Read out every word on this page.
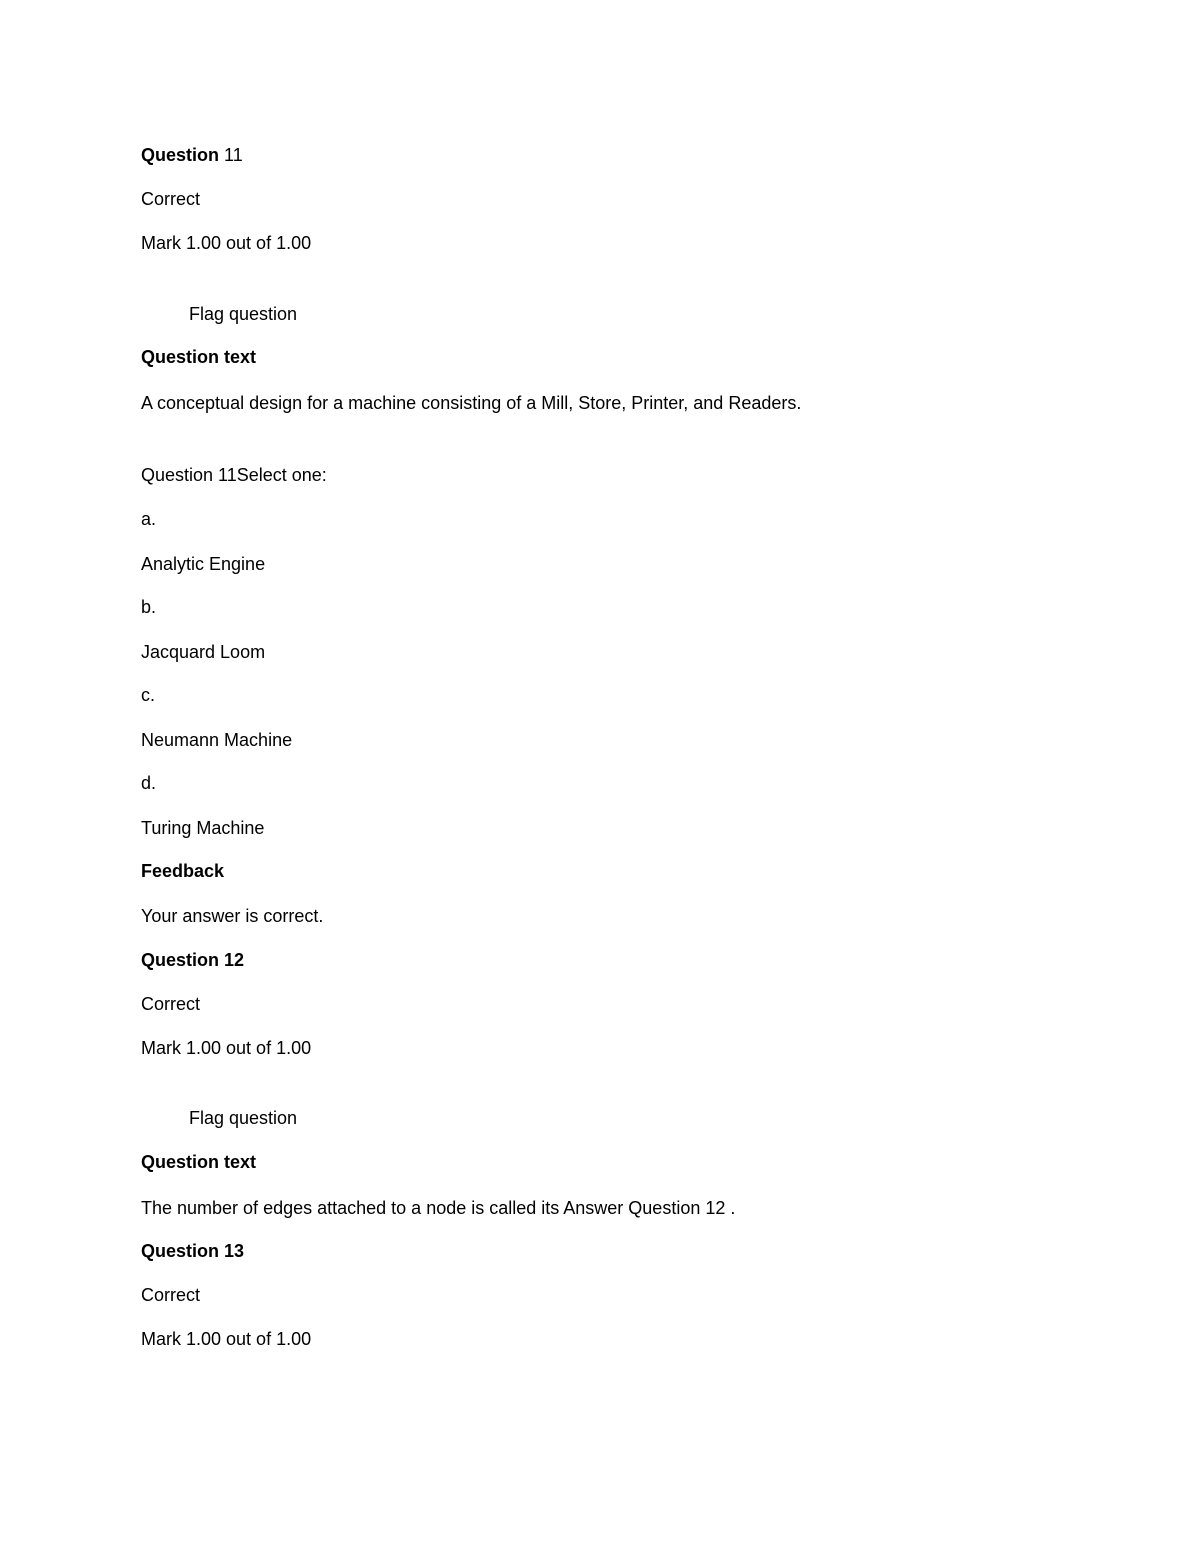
Question 11
Correct
Mark 1.00 out of 1.00
Flag question
Question text
A conceptual design for a machine consisting of a Mill, Store, Printer, and Readers.
Question 11Select one:
a.
Analytic Engine
b.
Jacquard Loom
c.
Neumann Machine
d.
Turing Machine
Feedback
Your answer is correct.
Question 12
Correct
Mark 1.00 out of 1.00
Flag question
Question text
The number of edges attached to a node is called its Answer Question 12 .
Question 13
Correct
Mark 1.00 out of 1.00
